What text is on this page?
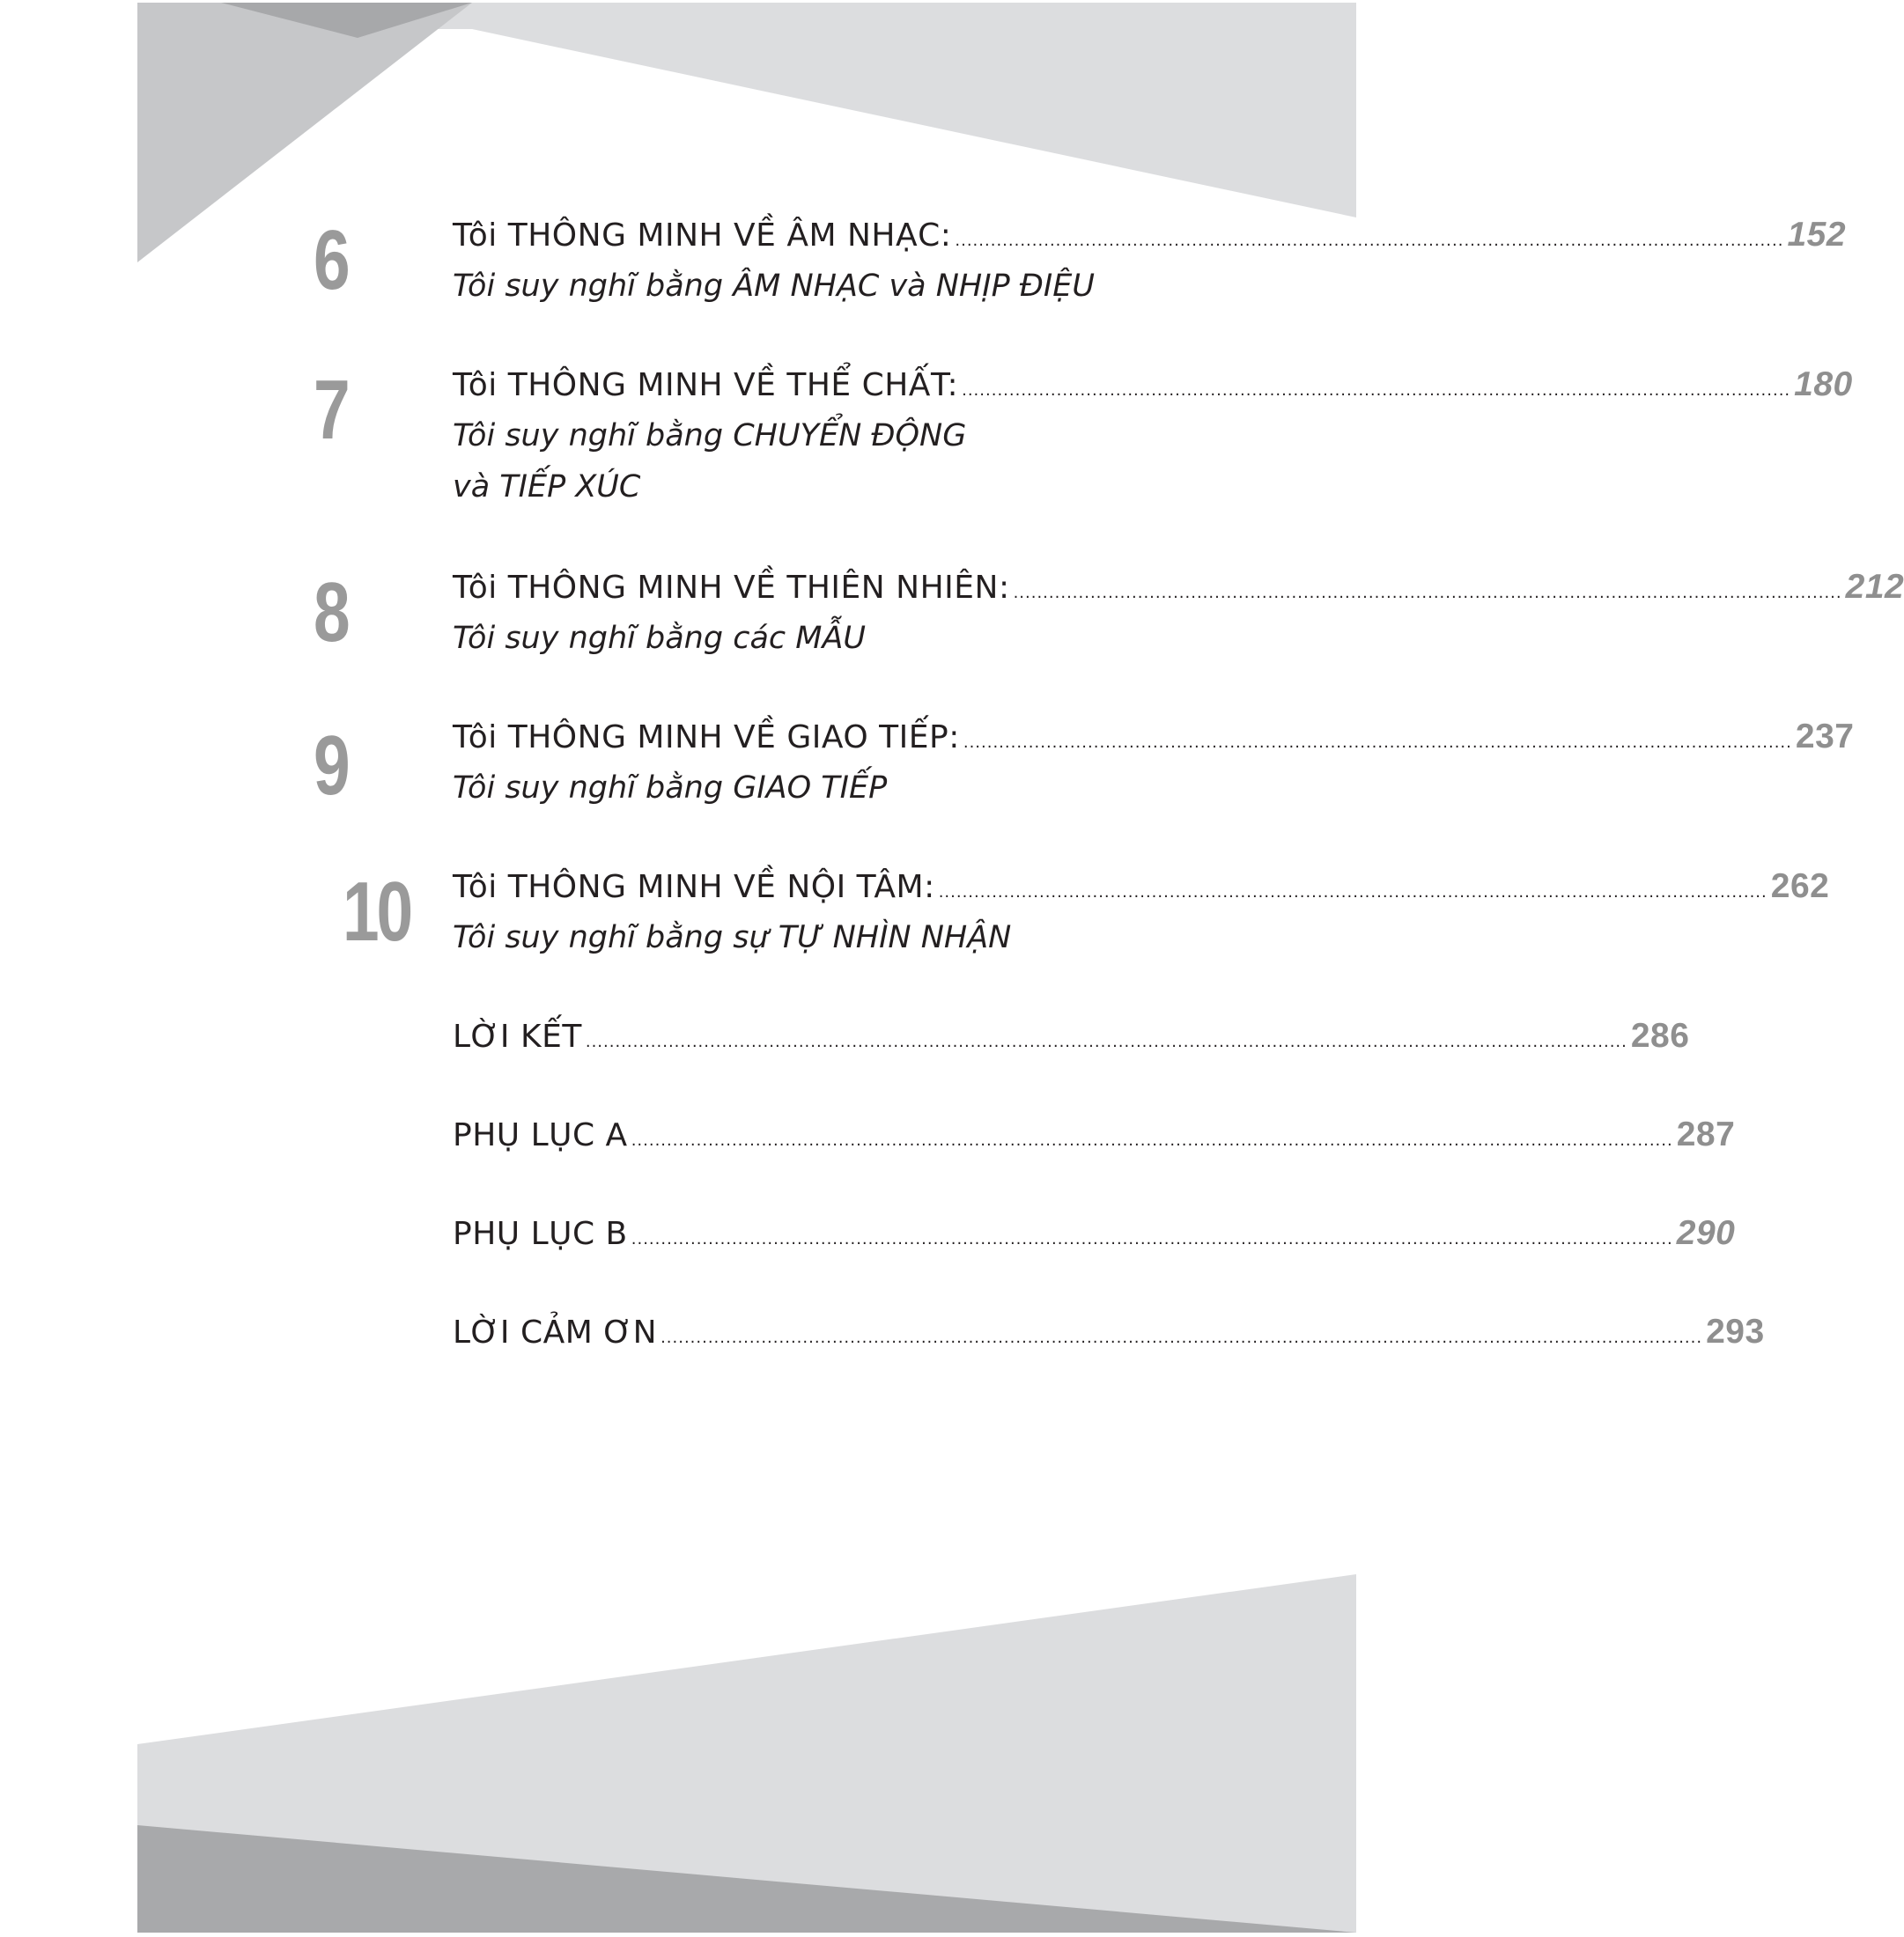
6	Tôi THÔNG MINH VỀ ÂM NHẠC: ............................................................................................................................................ 152
Tôi suy nghĩ bằng ÂM NHẠC và NHỊP ĐIỆU
7	Tôi THÔNG MINH VỀ THỂ CHẤT: ............................................................................................................................................ 180
Tôi suy nghĩ bằng CHUYỂN ĐỘNG
và TIẾP XÚC
8	Tôi THÔNG MINH VỀ THIÊN NHIÊN: ............................................................................................................................................ 212
Tôi suy nghĩ bằng các MẪU
9	Tôi THÔNG MINH VỀ GIAO TIẾP: ............................................................................................................................................ 237
Tôi suy nghĩ bằng GIAO TIẾP
10	Tôi THÔNG MINH VỀ NỘI TÂM: ............................................................................................................................................ 262
Tôi suy nghĩ bằng sự TỰ NHÌN NHẬN
LỜI KẾT ................................................................................................................................................................................ 286
PHỤ LỤC A ................................................................................................................................................................................ 287
PHỤ LỤC B ................................................................................................................................................................................ 290
LỜI CẢM ƠN ................................................................................................................................................................................ 293
